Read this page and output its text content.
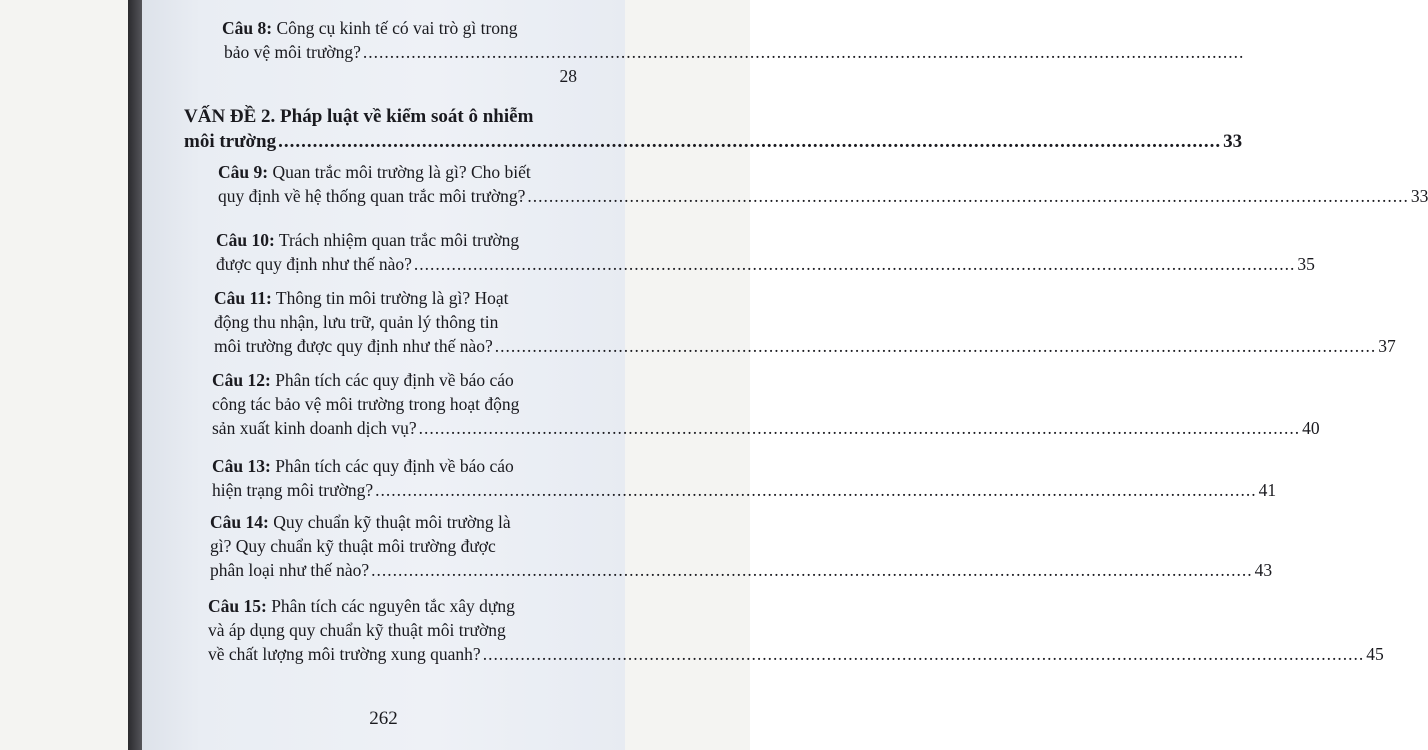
Câu 8: Công cụ kinh tế có vai trò gì trong
bảo vệ môi trường? .....
28
VẤN ĐỀ 2. Pháp luật về kiểm soát ô nhiễm
môi trường .....	33
Câu 9: Quan trắc môi trường là gì? Cho biết
quy định về hệ thống quan trắc môi trường? .....	33
Câu 10: Trách nhiệm quan trắc môi trường
được quy định như thế nào? .....	35
Câu 11: Thông tin môi trường là gì? Hoạt
động thu nhận, lưu trữ, quản lý thông tin
môi trường được quy định như thế nào? .....	37
Câu 12: Phân tích các quy định về báo cáo
công tác bảo vệ môi trường trong hoạt động
sản xuất kinh doanh dịch vụ? .....	40
Câu 13: Phân tích các quy định về báo cáo
hiện trạng môi trường? .....	41
Câu 14: Quy chuẩn kỹ thuật môi trường là
gì? Quy chuẩn kỹ thuật môi trường được
phân loại như thế nào? .....	43
Câu 15: Phân tích các nguyên tắc xây dựng
và áp dụng quy chuẩn kỹ thuật môi trường
về chất lượng môi trường xung quanh? .....	45
262
